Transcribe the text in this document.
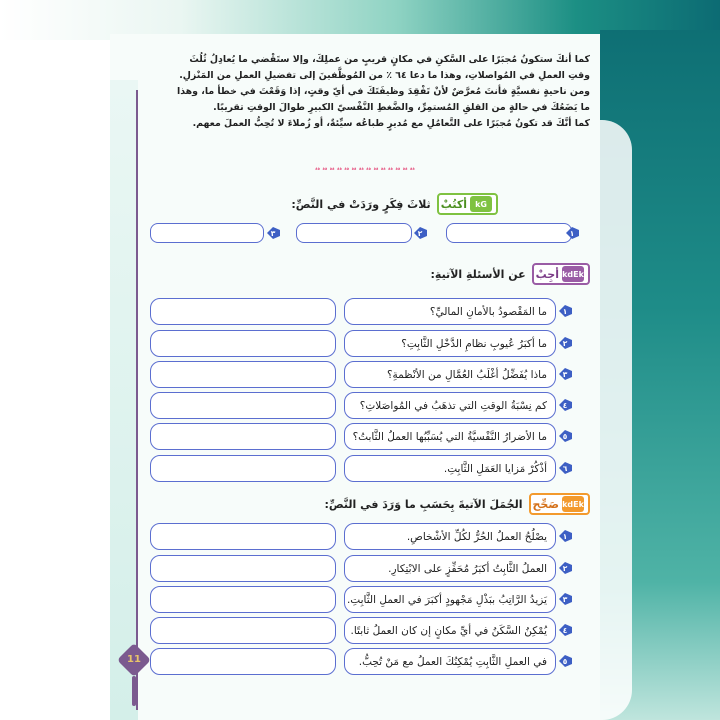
كما أنكَ ستكونُ مُجبَرًا على السَّكنِ في مكانٍ قريبٍ من عملِكَ، وإلا ستَقْضي ما يُعادِلُ ثُلُثَ

وقتِ العملِ في المُواصلاتِ، وهذا ما دعا ٦٤ ٪ من المُوظَّفينَ إلى تفضيلِ العملِ من المَنْزلِ.

ومن ناحيةٍ نفسيَّةٍ فأنتَ مُعرَّضٌ لأنْ تَفْقِدَ وظيفَتَكَ في أيّ وقتٍ، إذا وَقَعْتَ في خطأ ما، وهذا

ما يَضَعُكَ في حالةٍ من القلقِ المُستمِرِّ، والضَّغطِ النَّفْسيّ الكبيرِ طوالَ الوقتِ تقريبًا.

كما أنَّكَ قد تكونُ مُجبَرًا على التَّعامُلِ مع مُديرٍ طباعُه سيِّئةٌ، أو زُملاءَ لا تُحِبُّ العملَ معهم.

ﮦﮦ ﮦﮦ ﮦﮦ ﮦﮦ ﮦﮦ ﮦﮦ ﮦﮦ ﮦﮦ ﮦﮦ ﮦﮦ ﮦﮦ ﮦﮦ ﮦﮦ ﮦﮦ
kG
أكتُبْ
ثلاثَ فِكَرٍ ورَدَتْ في النَّصِّ:
١
٢
٣
kdEk
أجِبْ
عن الأسئلةِ الآتيةِ:
ما المَقْصودُ بالأمانِ الماليِّ؟	١
ما أكبَرُ عُيوبِ نظامِ الدَّخْلِ الثَّابِتِ؟	٢
ماذا يُفَضِّلُ أغْلَبُ العُمَّالِ من الأنْظمةِ؟	٣
كم نِسْبَةُ الوقتِ التي تذهَبُ في المُواصَلاتِ؟	٤
ما الأضرارُ النَّفْسيَّةُ التي يُسَبِّبُها العملُ الثَّابتُ؟	٥
أذْكُرْ مَزايا العَمَلِ الثَّابِتِ.	٦
kdEk
صَحِّح
الجُمَلَ الآتيةَ بِحَسَبِ ما وَرَدَ في النَّصِّ:
يصْلُحُ العملُ الحُرُّ لكُلِّ الأشْخاصِ.	١
العملُ الثَّابِتُ أكبَرُ مُحَفِّزٍ على الابْتِكارِ.	٢
يَزيدُ الرَّاتِبُ ببَذْلِ مَجْهودٍ أكبَرَ في العملِ الثَّابِتِ.	٣
يُمْكِنُ السَّكَنُ في أيِّ مكانٍ إن كان العملُ ثابتًا.	٤
في العملِ الثَّابِتِ يُمْكِنُكَ العملُ مع مَنْ تُحِبُّ.	٥
11
